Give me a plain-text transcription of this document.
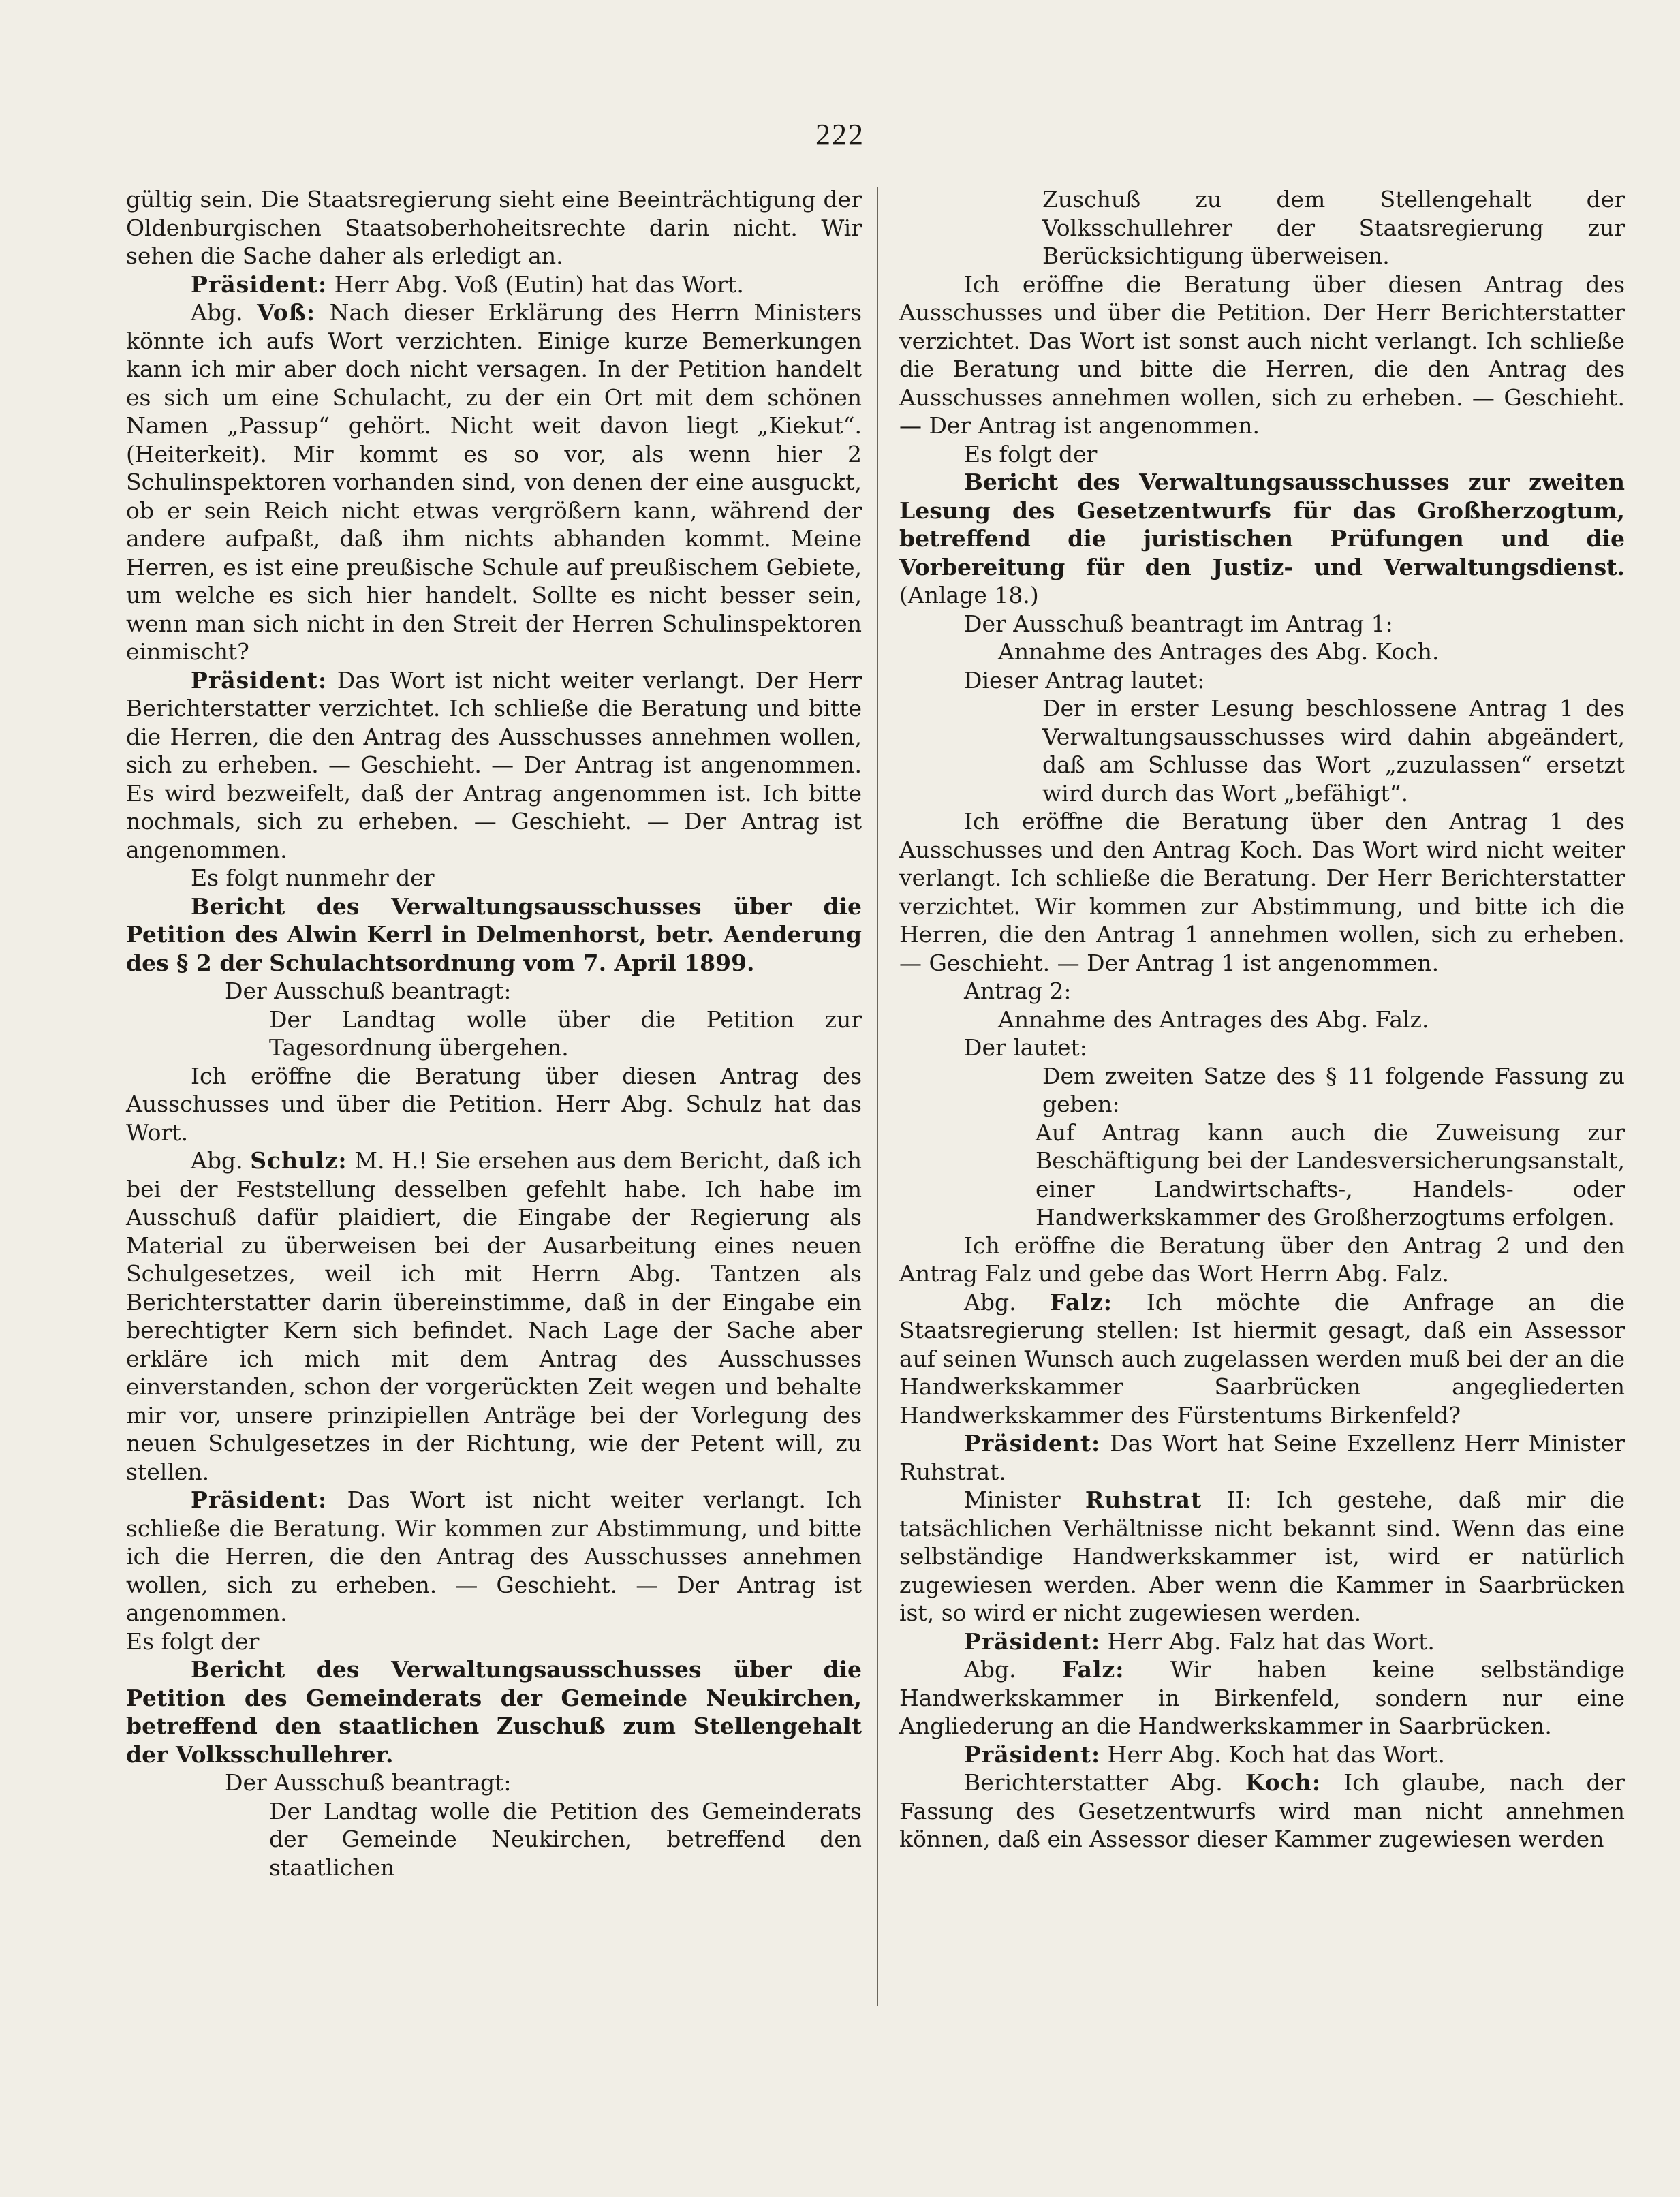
222

gültig sein. Die Staatsregierung sieht eine Beeinträchtigung der Oldenburgischen Staatsoberhoheitsrechte darin nicht. Wir sehen die Sache daher als erledigt an.

Präsident: Herr Abg. Voß (Eutin) hat das Wort.

Abg. Voß: Nach dieser Erklärung des Herrn Ministers könnte ich aufs Wort verzichten. Einige kurze Bemerkungen kann ich mir aber doch nicht versagen. In der Petition handelt es sich um eine Schulacht, zu der ein Ort mit dem schönen Namen „Passup“ gehört. Nicht weit davon liegt „Kiekut“. (Heiterkeit). Mir kommt es so vor, als wenn hier 2 Schulinspektoren vorhanden sind, von denen der eine ausguckt, ob er sein Reich nicht etwas vergrößern kann, während der andere aufpaßt, daß ihm nichts abhanden kommt. Meine Herren, es ist eine preußische Schule auf preußischem Gebiete, um welche es sich hier handelt. Sollte es nicht besser sein, wenn man sich nicht in den Streit der Herren Schulinspektoren einmischt?

Präsident: Das Wort ist nicht weiter verlangt. Der Herr Berichterstatter verzichtet. Ich schließe die Beratung und bitte die Herren, die den Antrag des Ausschusses annehmen wollen, sich zu erheben. — Geschieht. — Der Antrag ist angenommen. Es wird bezweifelt, daß der Antrag angenommen ist. Ich bitte nochmals, sich zu erheben. — Geschieht. — Der Antrag ist angenommen.

Es folgt nunmehr der

Bericht des Verwaltungsausschusses über die Petition des Alwin Kerrl in Delmenhorst, betr. Aenderung des § 2 der Schulachtsordnung vom 7. April 1899.

Der Ausschuß beantragt:

Der Landtag wolle über die Petition zur Tagesordnung übergehen.

Ich eröffne die Beratung über diesen Antrag des Ausschusses und über die Petition. Herr Abg. Schulz hat das Wort.

Abg. Schulz: M. H.! Sie ersehen aus dem Bericht, daß ich bei der Feststellung desselben gefehlt habe. Ich habe im Ausschuß dafür plaidiert, die Eingabe der Regierung als Material zu überweisen bei der Ausarbeitung eines neuen Schulgesetzes, weil ich mit Herrn Abg. Tantzen als Berichterstatter darin übereinstimme, daß in der Eingabe ein berechtigter Kern sich befindet. Nach Lage der Sache aber erkläre ich mich mit dem Antrag des Ausschusses einverstanden, schon der vorgerückten Zeit wegen und behalte mir vor, unsere prinzipiellen Anträge bei der Vorlegung des neuen Schulgesetzes in der Richtung, wie der Petent will, zu stellen.

Präsident: Das Wort ist nicht weiter verlangt. Ich schließe die Beratung. Wir kommen zur Abstimmung, und bitte ich die Herren, die den Antrag des Ausschusses annehmen wollen, sich zu erheben. — Geschieht. — Der Antrag ist angenommen.

Es folgt der

Bericht des Verwaltungsausschusses über die Petition des Gemeinderats der Gemeinde Neukirchen, betreffend den staatlichen Zuschuß zum Stellengehalt der Volksschullehrer.

Der Ausschuß beantragt:

Der Landtag wolle die Petition des Gemeinderats der Gemeinde Neukirchen, betreffend den staatlichen

Zuschuß zu dem Stellengehalt der Volksschullehrer der Staatsregierung zur Berücksichtigung überweisen.

Ich eröffne die Beratung über diesen Antrag des Ausschusses und über die Petition. Der Herr Berichterstatter verzichtet. Das Wort ist sonst auch nicht verlangt. Ich schließe die Beratung und bitte die Herren, die den Antrag des Ausschusses annehmen wollen, sich zu erheben. — Geschieht. — Der Antrag ist angenommen.

Es folgt der

Bericht des Verwaltungsausschusses zur zweiten Lesung des Gesetzentwurfs für das Großherzogtum, betreffend die juristischen Prüfungen und die Vorbereitung für den Justiz- und Verwaltungsdienst. (Anlage 18.)

Der Ausschuß beantragt im Antrag 1:

Annahme des Antrages des Abg. Koch.

Dieser Antrag lautet:

Der in erster Lesung beschlossene Antrag 1 des Verwaltungsausschusses wird dahin abgeändert, daß am Schlusse das Wort „zuzulassen“ ersetzt wird durch das Wort „befähigt“.

Ich eröffne die Beratung über den Antrag 1 des Ausschusses und den Antrag Koch. Das Wort wird nicht weiter verlangt. Ich schließe die Beratung. Der Herr Berichterstatter verzichtet. Wir kommen zur Abstimmung, und bitte ich die Herren, die den Antrag 1 annehmen wollen, sich zu erheben. — Geschieht. — Der Antrag 1 ist angenommen.

Antrag 2:

Annahme des Antrages des Abg. Falz.

Der lautet:

Dem zweiten Satze des § 11 folgende Fassung zu geben:

Auf Antrag kann auch die Zuweisung zur Beschäftigung bei der Landesversicherungsanstalt, einer Landwirtschafts-, Handels- oder Handwerkskammer des Großherzogtums erfolgen.

Ich eröffne die Beratung über den Antrag 2 und den Antrag Falz und gebe das Wort Herrn Abg. Falz.

Abg. Falz: Ich möchte die Anfrage an die Staatsregierung stellen: Ist hiermit gesagt, daß ein Assessor auf seinen Wunsch auch zugelassen werden muß bei der an die Handwerkskammer Saarbrücken angegliederten Handwerkskammer des Fürstentums Birkenfeld?

Präsident: Das Wort hat Seine Exzellenz Herr Minister Ruhstrat.

Minister Ruhstrat II: Ich gestehe, daß mir die tatsächlichen Verhältnisse nicht bekannt sind. Wenn das eine selbständige Handwerkskammer ist, wird er natürlich zugewiesen werden. Aber wenn die Kammer in Saarbrücken ist, so wird er nicht zugewiesen werden.

Präsident: Herr Abg. Falz hat das Wort.

Abg. Falz: Wir haben keine selbständige Handwerkskammer in Birkenfeld, sondern nur eine Angliederung an die Handwerkskammer in Saarbrücken.

Präsident: Herr Abg. Koch hat das Wort.

Berichterstatter Abg. Koch: Ich glaube, nach der Fassung des Gesetzentwurfs wird man nicht annehmen können, daß ein Assessor dieser Kammer zugewiesen werden
